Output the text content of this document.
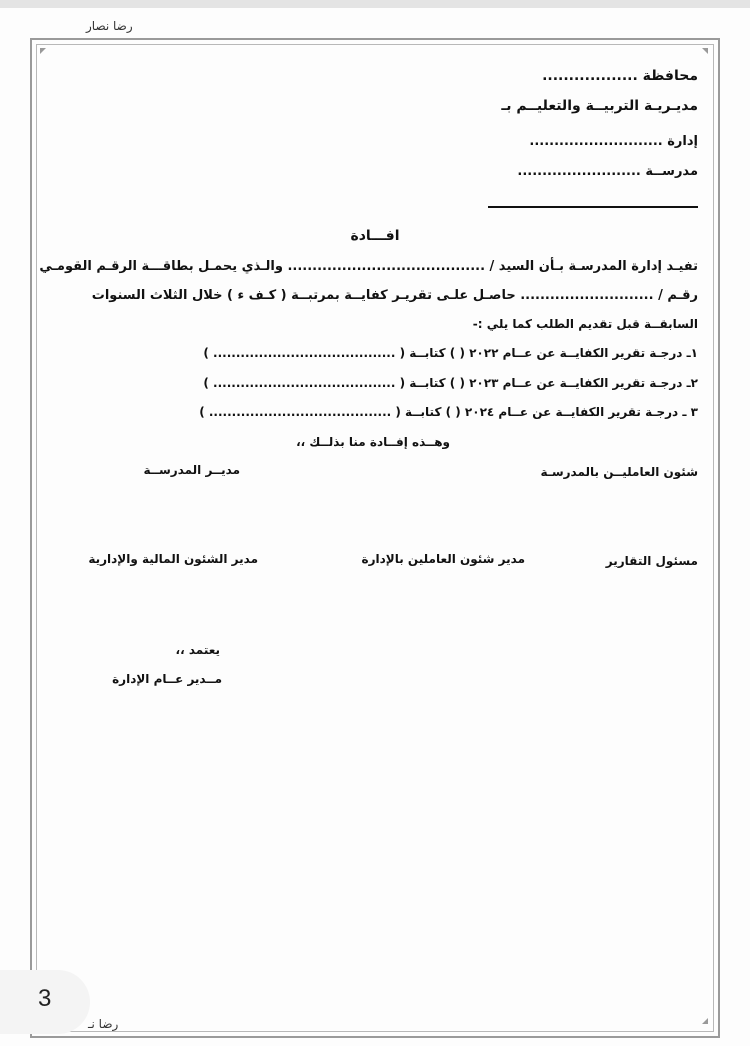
رضا نصار
محافظة ..................
مديـريـة التربيــة والتعليــم بـ
إدارة ...........................
مدرســة .........................
افـــادة
تفيـد إدارة المدرسـة بـأن السيد / ........................................ والـذي يحمـل بطاقـــة الرقـم القومـي
رقـم / ........................... حاصـل علـى تقريـر كفايــة بمرتبــة ( كـف ء ) خلال الثلاث السنوات
السابقــة قبل تقديم الطلب كما يلي :-
١ـ درجـة تقرير الكفايــة عن عــام ٢٠٢٢ ( ) كتابــة ( ........................................ )
٢ـ درجـة تقرير الكفايــة عن عــام ٢٠٢٣ ( ) كتابــة ( ........................................ )
٣ ـ درجـة تقرير الكفايــة عن عــام ٢٠٢٤ ( ) كتابــة ( ........................................ )
وهــذه إفــادة منا بذلــك ،،
شئون العامليــن بالمدرسـة
مديــر المدرســة
مسئول التقارير
مدير شئون العاملين بالإدارة
مدير الشئون المالية والإدارية
يعتمد ،،
مــدير عــام الإدارة
رضا نـ
3
